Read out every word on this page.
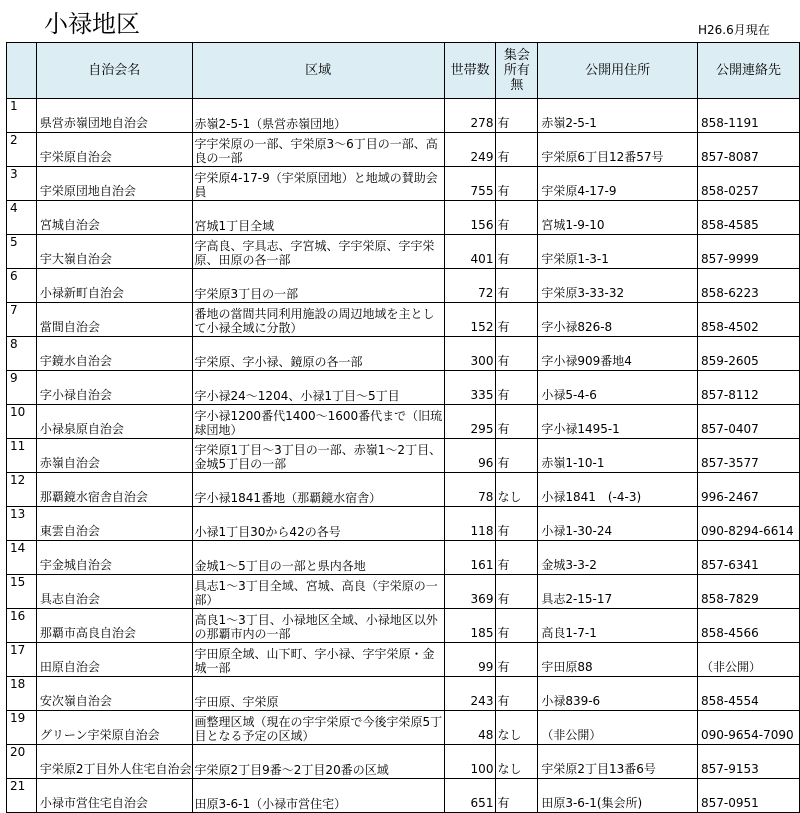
小禄地区	H26.6月現在
	自治会名	区域	世帯数	集会所有無	公開用住所	公開連絡先
1	県営赤嶺団地自治会	赤嶺2-5-1（県営赤嶺団地）	278	有	赤嶺2-5-1	858-1191
2	宇栄原自治会	字宇栄原の一部、宇栄原3～6丁目の一部、高良の一部	249	有	宇栄原6丁目12番57号	857-8087
3	宇栄原団地自治会	宇栄原4-17-9（宇栄原団地）と地域の賛助会員	755	有	宇栄原4-17-9	858-0257
4	宮城自治会	宮城1丁目全域	156	有	宮城1-9-10	858-4585
5	宇大嶺自治会	字高良、字具志、字宮城、字宇栄原、字宇栄原、田原の各一部	401	有	宇栄原1-3-1	857-9999
6	小禄新町自治会	宇栄原3丁目の一部	72	有	宇栄原3-33-32	858-6223
7	當間自治会	番地の當間共同利用施設の周辺地域を主として小禄全域に分散）	152	有	字小禄826-8	858-4502
8	宇鏡水自治会	宇栄原、字小禄、鏡原の各一部	300	有	字小禄909番地4	859-2605
9	字小禄自治会	字小禄24～1204、小禄1丁目～5丁目	335	有	小禄5-4-6	857-8112
10	小禄泉原自治会	字小禄1200番代1400～1600番代まで（旧琉球団地）	295	有	字小禄1495-1	857-0407
11	赤嶺自治会	宇栄原1丁目～3丁目の一部、赤嶺1～2丁目、金城5丁目の一部	96	有	赤嶺1-10-1	857-3577
12	那覇鏡水宿舎自治会	字小禄1841番地（那覇鏡水宿舎）	78	なし	小禄1841　(-4-3)	996-2467
13	東雲自治会	小禄1丁目30から42の各号	118	有	小禄1-30-24	090-8294-6614
14	宇金城自治会	金城1～5丁目の一部と県内各地	161	有	金城3-3-2	857-6341
15	具志自治会	具志1～3丁目全域、宮城、高良（宇栄原の一部）	369	有	具志2-15-17	858-7829
16	那覇市高良自治会	高良1～3丁目、小禄地区全域、小禄地区以外の那覇市内の一部	185	有	高良1-7-1	858-4566
17	田原自治会	宇田原全域、山下町、字小禄、字宇栄原・金城一部	99	有	宇田原88	（非公開）
18	安次嶺自治会	宇田原、宇栄原	243	有	小禄839-6	858-4554
19	グリーン宇栄原自治会	画整理区域（現在の宇宇栄原で今後宇栄原5丁目となる予定の区域）	48	なし	（非公開）	090-9654-7090
20	宇栄原2丁目外人住宅自治会	宇栄原2丁目9番～2丁目20番の区域	100	なし	宇栄原2丁目13番6号	857-9153
21	小禄市営住宅自治会	田原3-6-1（小禄市営住宅）	651	有	田原3-6-1(集会所)	857-0951
